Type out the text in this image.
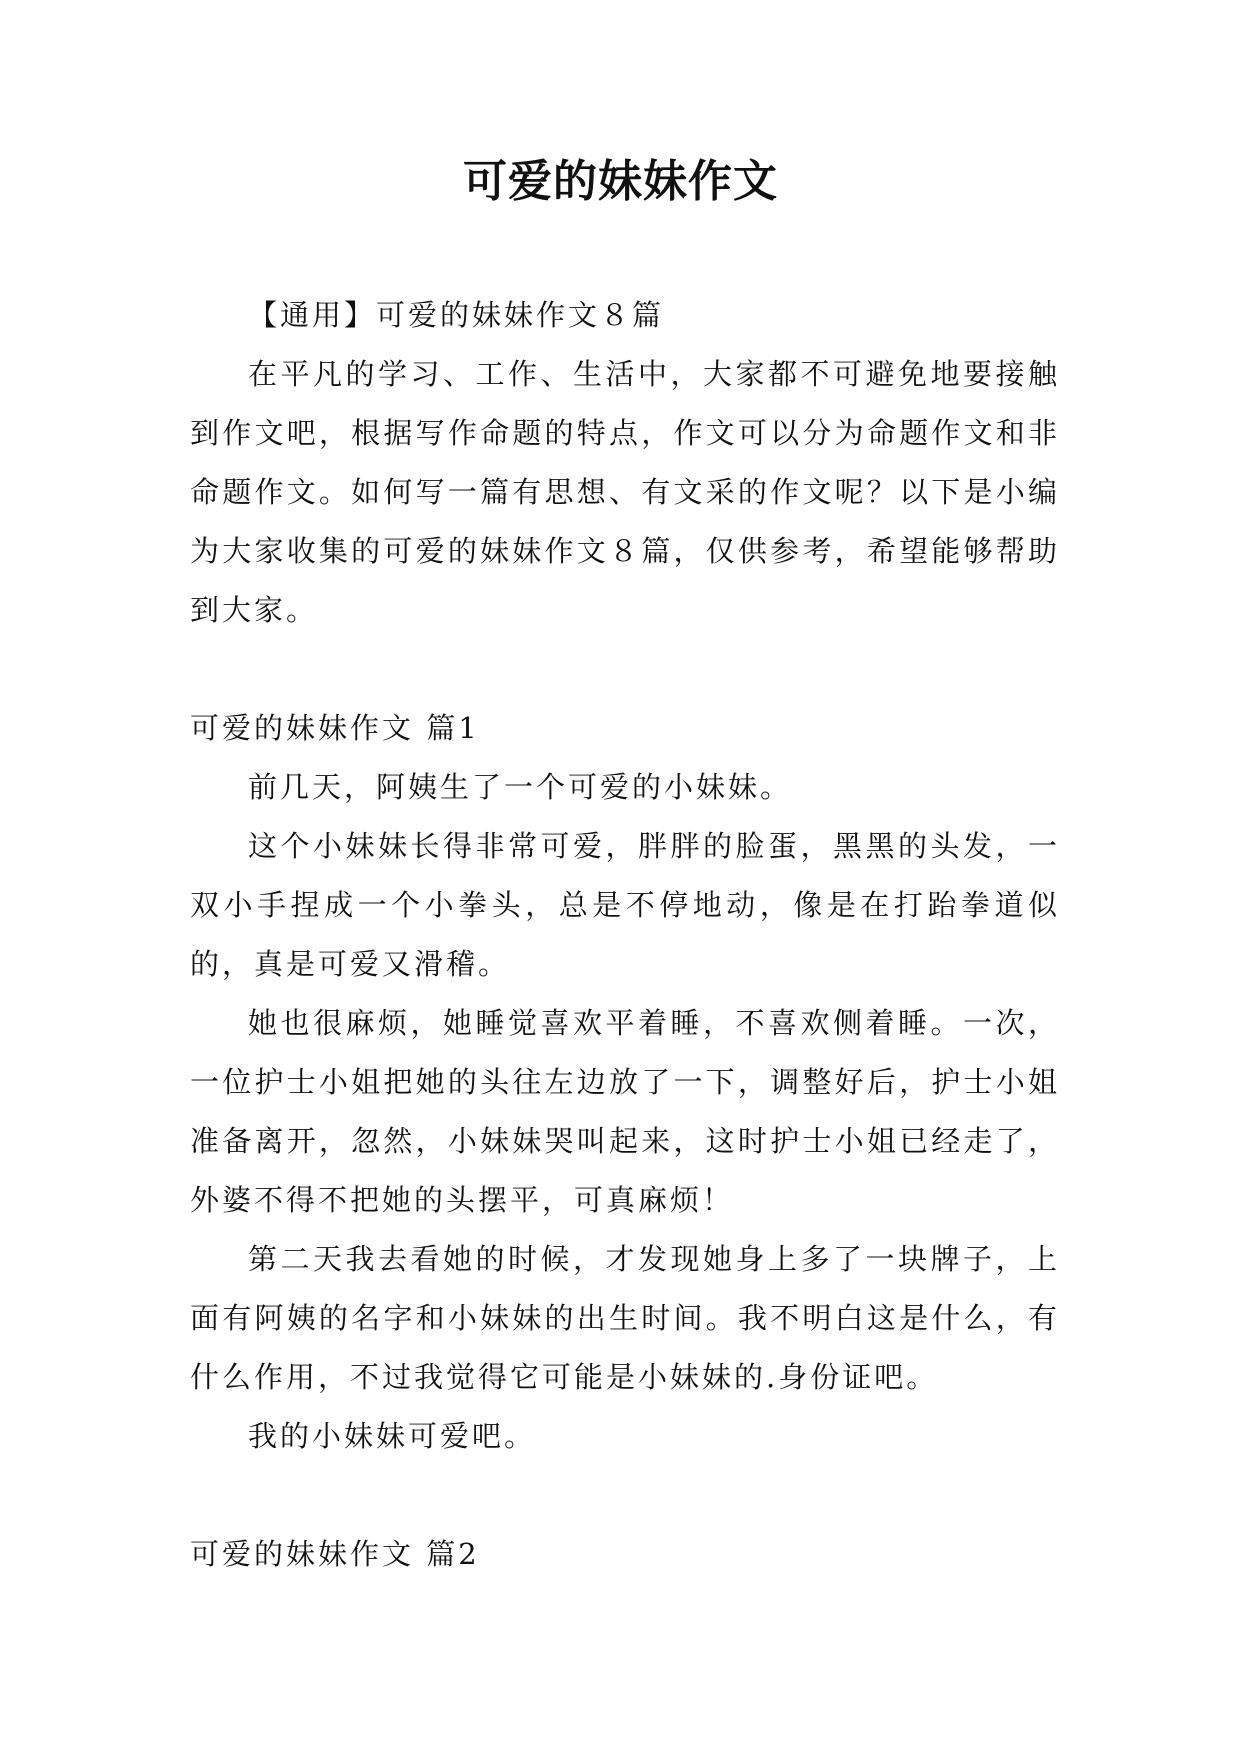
可爱的妹妹作文

【通用】可爱的妹妹作文８篇

在平凡的学习、工作、生活中，大家都不可避免地要接触到作文吧，根据写作命题的特点，作文可以分为命题作文和非命题作文。如何写一篇有思想、有文采的作文呢？以下是小编为大家收集的可爱的妹妹作文８篇，仅供参考，希望能够帮助到大家。

可爱的妹妹作文 篇1

前几天，阿姨生了一个可爱的小妹妹。

这个小妹妹长得非常可爱，胖胖的脸蛋，黑黑的头发，一双小手捏成一个小拳头，总是不停地动，像是在打跆拳道似的，真是可爱又滑稽。

她也很麻烦，她睡觉喜欢平着睡，不喜欢侧着睡。一次，一位护士小姐把她的头往左边放了一下，调整好后，护士小姐准备离开，忽然，小妹妹哭叫起来，这时护士小姐已经走了，外婆不得不把她的头摆平，可真麻烦！

第二天我去看她的时候，才发现她身上多了一块牌子，上面有阿姨的名字和小妹妹的出生时间。我不明白这是什么，有什么作用，不过我觉得它可能是小妹妹的.身份证吧。

我的小妹妹可爱吧。

可爱的妹妹作文 篇2
